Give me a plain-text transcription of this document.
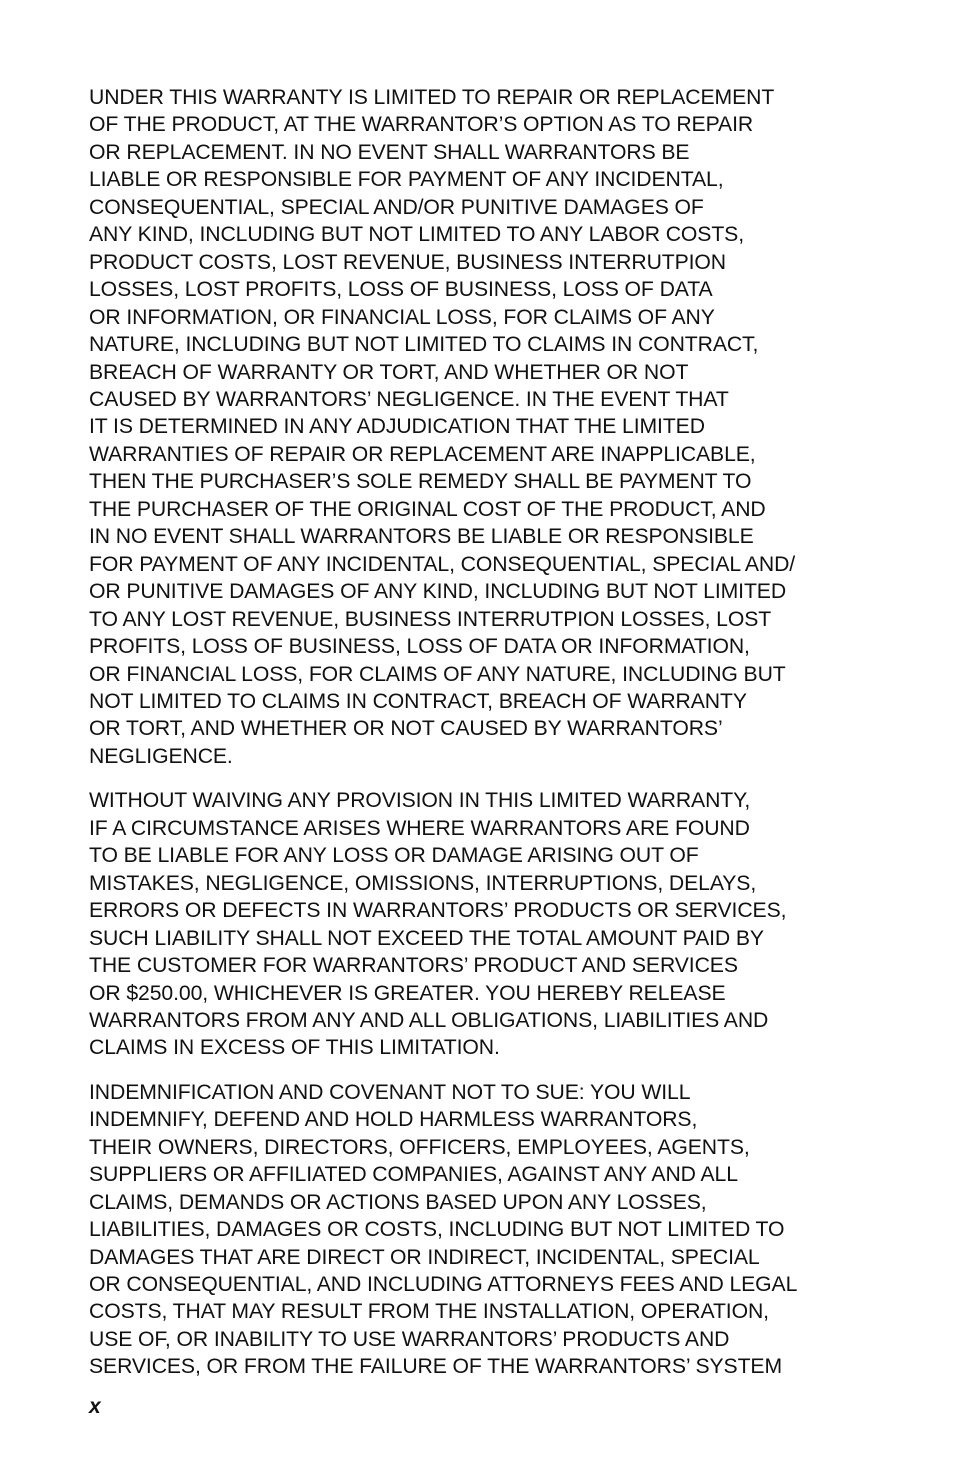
UNDER THIS WARRANTY IS LIMITED TO REPAIR OR REPLACEMENT
OF THE PRODUCT, AT THE WARRANTOR’S OPTION AS TO REPAIR
OR REPLACEMENT. IN NO EVENT SHALL WARRANTORS BE
LIABLE OR RESPONSIBLE FOR PAYMENT OF ANY INCIDENTAL,
CONSEQUENTIAL, SPECIAL AND/OR PUNITIVE DAMAGES OF
ANY KIND, INCLUDING BUT NOT LIMITED TO ANY LABOR COSTS,
PRODUCT COSTS, LOST REVENUE, BUSINESS INTERRUTPION
LOSSES, LOST PROFITS, LOSS OF BUSINESS, LOSS OF DATA
OR INFORMATION, OR FINANCIAL LOSS, FOR CLAIMS OF ANY
NATURE, INCLUDING BUT NOT LIMITED TO CLAIMS IN CONTRACT,
BREACH OF WARRANTY OR TORT, AND WHETHER OR NOT
CAUSED BY WARRANTORS’ NEGLIGENCE. IN THE EVENT THAT
IT IS DETERMINED IN ANY ADJUDICATION THAT THE LIMITED
WARRANTIES OF REPAIR OR REPLACEMENT ARE INAPPLICABLE,
THEN THE PURCHASER’S SOLE REMEDY SHALL BE PAYMENT TO
THE PURCHASER OF THE ORIGINAL COST OF THE PRODUCT, AND
IN NO EVENT SHALL WARRANTORS BE LIABLE OR RESPONSIBLE
FOR PAYMENT OF ANY INCIDENTAL, CONSEQUENTIAL, SPECIAL AND/
OR PUNITIVE DAMAGES OF ANY KIND, INCLUDING BUT NOT LIMITED
TO ANY LOST REVENUE, BUSINESS INTERRUTPION LOSSES, LOST
PROFITS, LOSS OF BUSINESS, LOSS OF DATA OR INFORMATION,
OR FINANCIAL LOSS, FOR CLAIMS OF ANY NATURE, INCLUDING BUT
NOT LIMITED TO CLAIMS IN CONTRACT, BREACH OF WARRANTY
OR TORT, AND WHETHER OR NOT CAUSED BY WARRANTORS’
NEGLIGENCE.

WITHOUT WAIVING ANY PROVISION IN THIS LIMITED WARRANTY,
IF A CIRCUMSTANCE ARISES WHERE WARRANTORS ARE FOUND
TO BE LIABLE FOR ANY LOSS OR DAMAGE ARISING OUT OF
MISTAKES, NEGLIGENCE, OMISSIONS, INTERRUPTIONS, DELAYS,
ERRORS OR DEFECTS IN WARRANTORS’ PRODUCTS OR SERVICES,
SUCH LIABILITY SHALL NOT EXCEED THE TOTAL AMOUNT PAID BY
THE CUSTOMER FOR WARRANTORS’ PRODUCT AND SERVICES
OR $250.00, WHICHEVER IS GREATER. YOU HEREBY RELEASE
WARRANTORS FROM ANY AND ALL OBLIGATIONS, LIABILITIES AND
CLAIMS IN EXCESS OF THIS LIMITATION.

INDEMNIFICATION AND COVENANT NOT TO SUE: YOU WILL
INDEMNIFY, DEFEND AND HOLD HARMLESS WARRANTORS,
THEIR OWNERS, DIRECTORS, OFFICERS, EMPLOYEES, AGENTS,
SUPPLIERS OR AFFILIATED COMPANIES, AGAINST ANY AND ALL
CLAIMS, DEMANDS OR ACTIONS BASED UPON ANY LOSSES,
LIABILITIES, DAMAGES OR COSTS, INCLUDING BUT NOT LIMITED TO
DAMAGES THAT ARE DIRECT OR INDIRECT, INCIDENTAL, SPECIAL
OR CONSEQUENTIAL, AND INCLUDING ATTORNEYS FEES AND LEGAL
COSTS, THAT MAY RESULT FROM THE INSTALLATION, OPERATION,
USE OF, OR INABILITY TO USE WARRANTORS’ PRODUCTS AND
SERVICES, OR FROM THE FAILURE OF THE WARRANTORS’ SYSTEM

x
